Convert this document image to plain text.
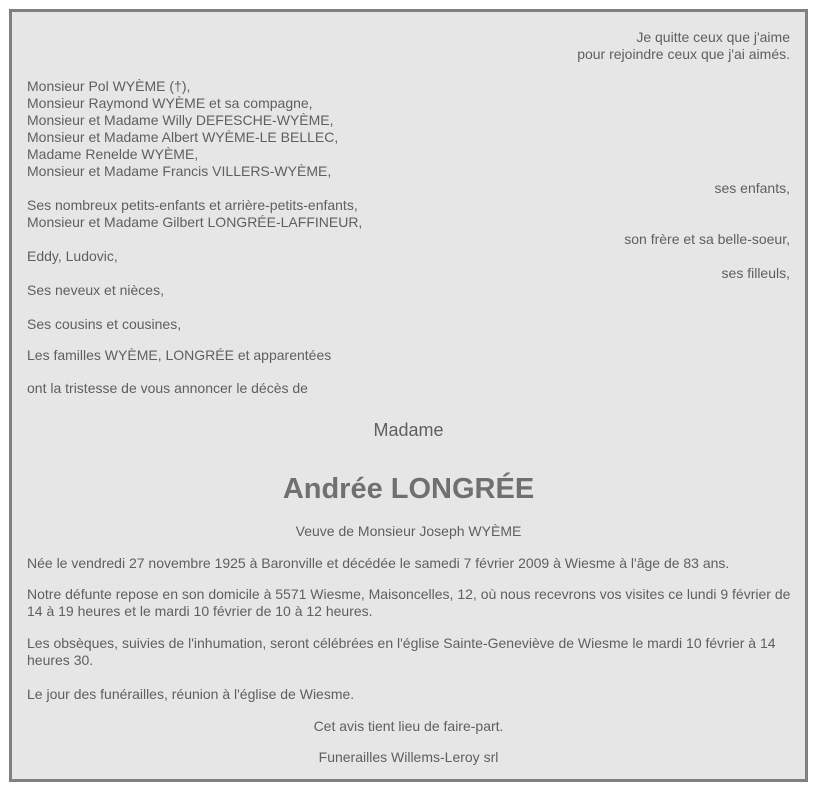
Je quitte ceux que j'aime
pour rejoindre ceux que j'ai aimés.
Monsieur Pol WYÈME (†),
Monsieur Raymond WYÈME et sa compagne,
Monsieur et Madame Willy DEFESCHE-WYÈME,
Monsieur et Madame Albert WYÈME-LE BELLEC,
Madame Renelde WYÈME,
Monsieur et Madame Francis VILLERS-WYÈME,
ses enfants,
Ses nombreux petits-enfants et arrière-petits-enfants,
Monsieur et Madame Gilbert LONGRÉE-LAFFINEUR,
son frère et sa belle-soeur,
Eddy, Ludovic,
ses filleuls,
Ses neveux et nièces,
Ses cousins et cousines,
Les familles WYÈME, LONGRÉE et apparentées
ont la tristesse de vous annoncer le décès de
Madame
Andrée LONGRÉE
Veuve de Monsieur Joseph WYÈME
Née le vendredi 27 novembre 1925 à Baronville et décédée le samedi 7 février 2009 à Wiesme à l'âge de 83 ans.
Notre défunte repose en son domicile à 5571 Wiesme, Maisoncelles, 12, où nous recevrons vos visites ce lundi 9 février de 14 à 19 heures et le mardi 10 février de 10 à 12 heures.
Les obsèques, suivies de l'inhumation, seront célébrées en l'église Sainte-Geneviève de Wiesme le mardi 10 février à 14 heures 30.
Le jour des funérailles, réunion à l'église de Wiesme.
Cet avis tient lieu de faire-part.
Funerailles Willems-Leroy srl
